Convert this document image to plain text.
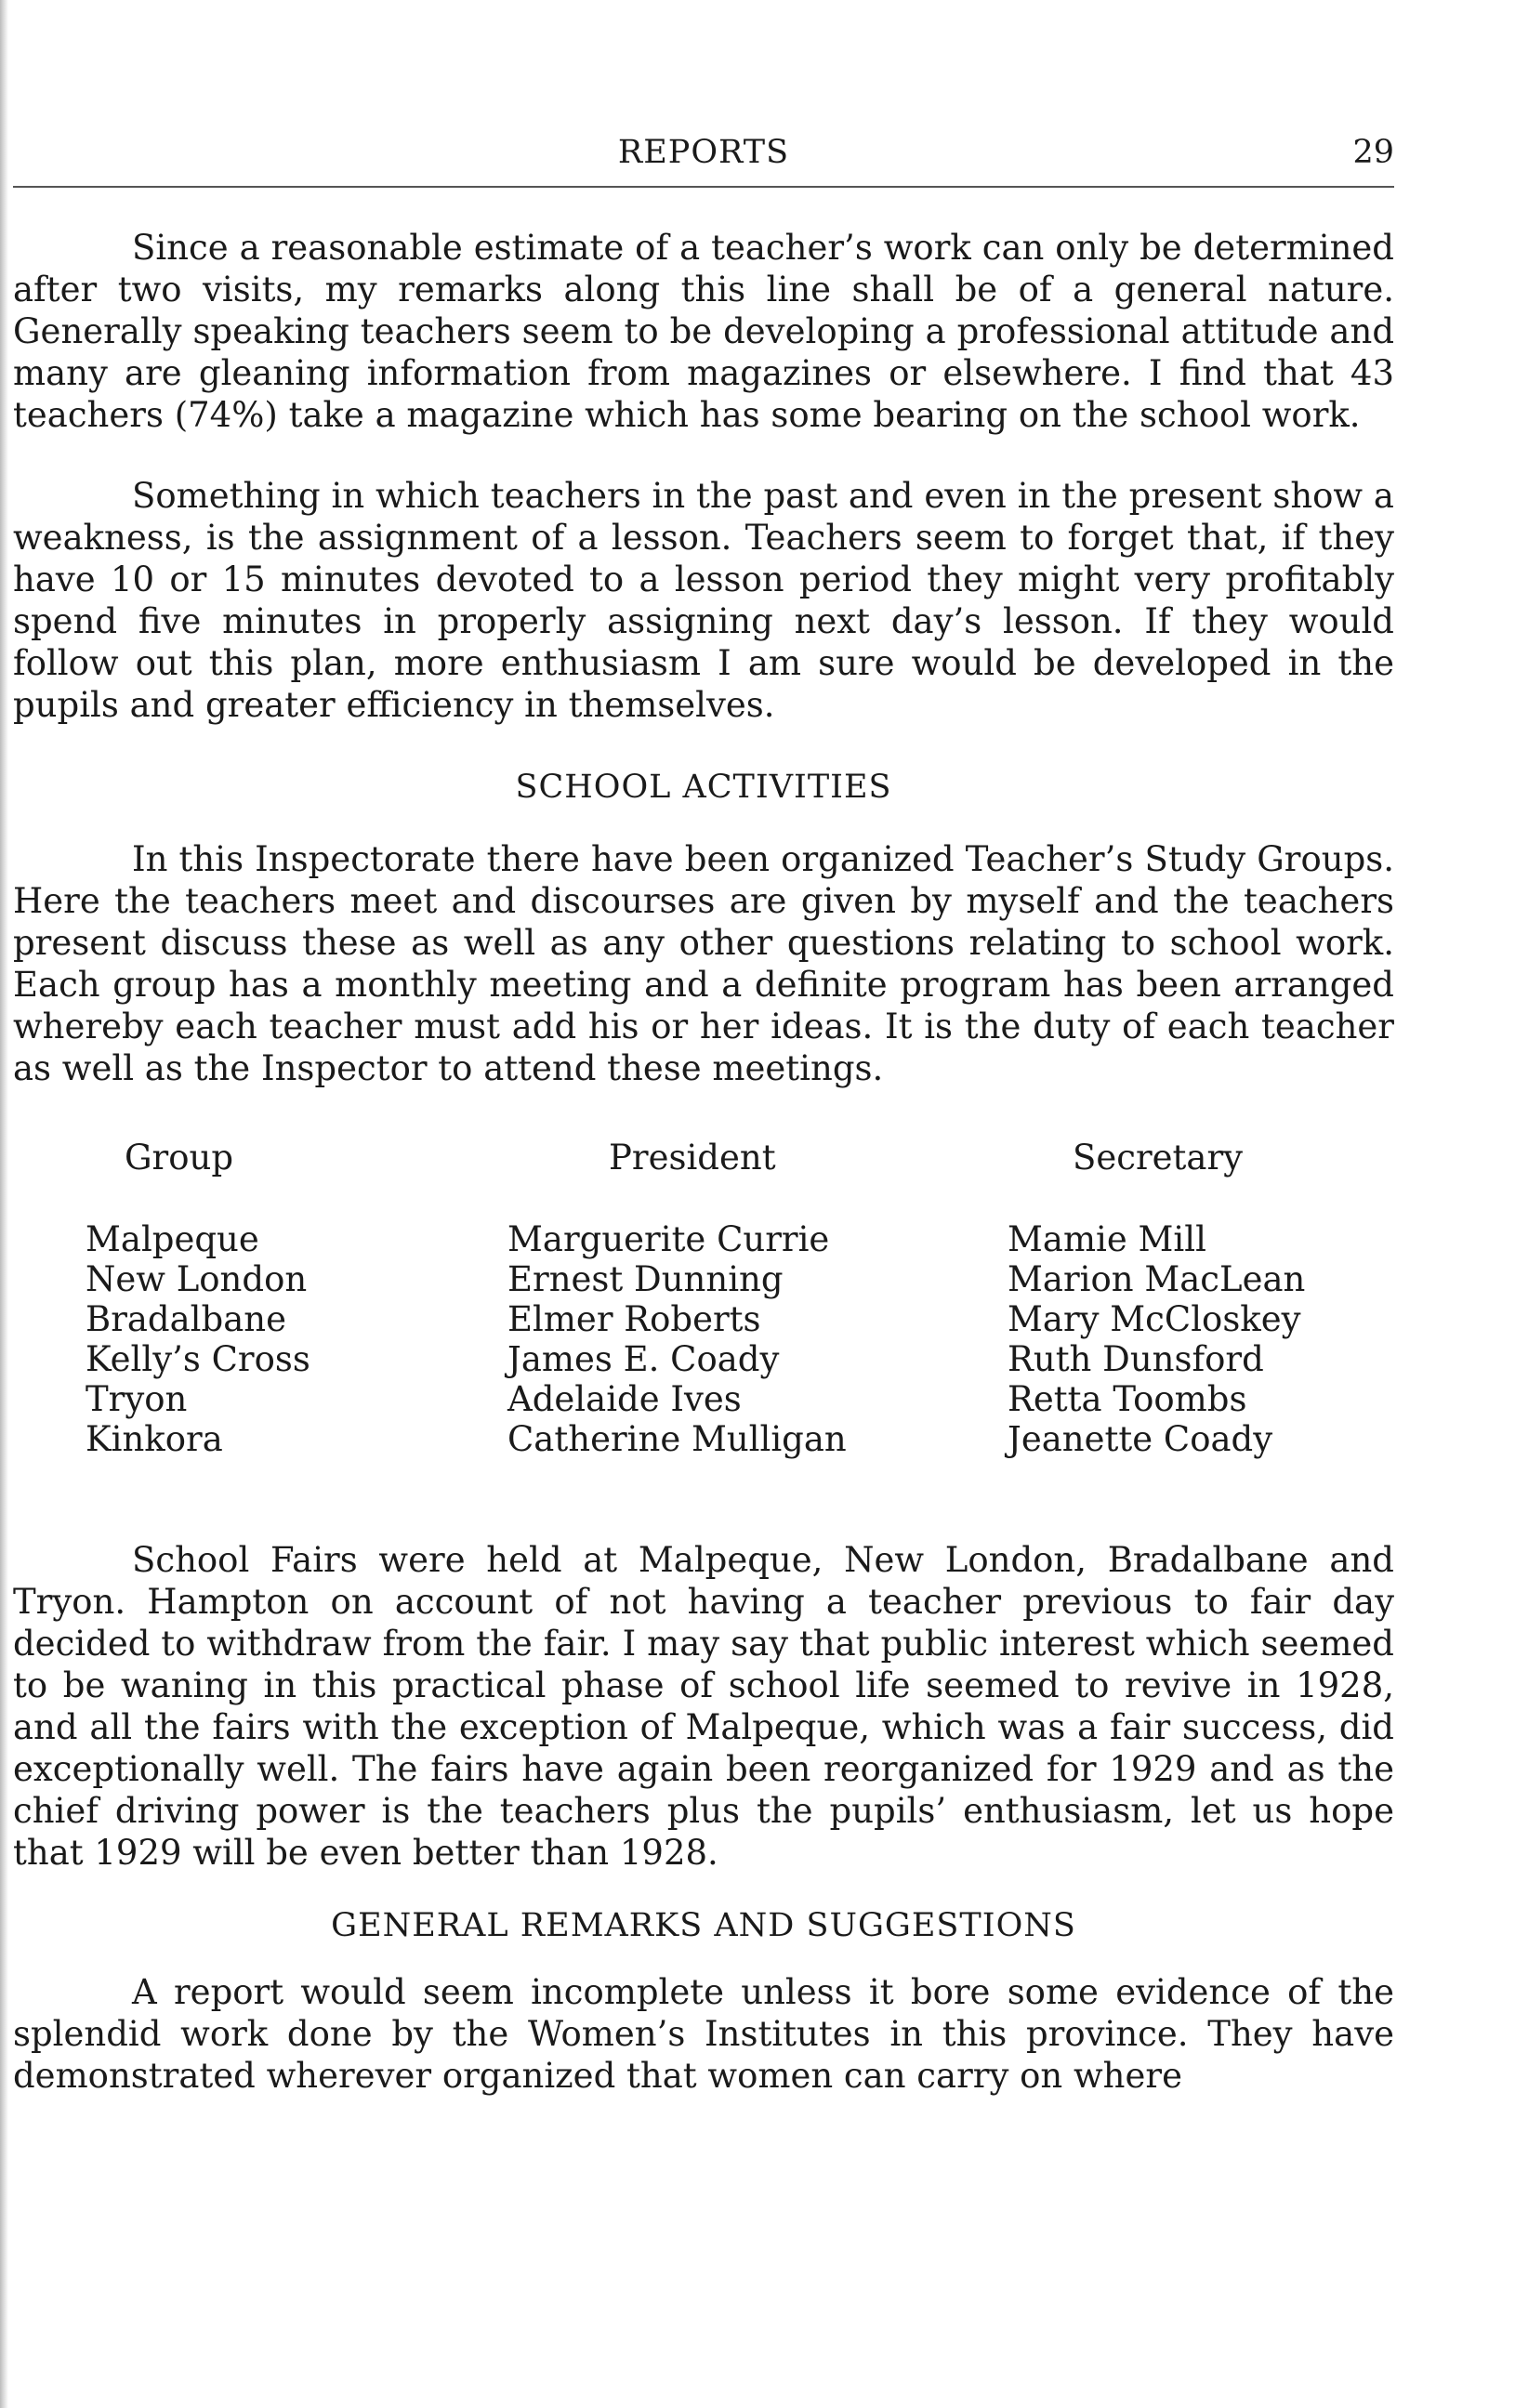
REPORTS	29

Since a reasonable estimate of a teacher’s work can only be determined after two visits, my remarks along this line shall be of a general nature. Generally speaking teachers seem to be developing a professional attitude and many are gleaning information from magazines or elsewhere. I find that 43 teachers (74%) take a magazine which has some bearing on the school work.

Something in which teachers in the past and even in the present show a weakness, is the assignment of a lesson. Teachers seem to forget that, if they have 10 or 15 minutes devoted to a lesson period they might very profitably spend five minutes in properly assigning next day’s lesson. If they would follow out this plan, more enthusiasm I am sure would be developed in the pupils and greater efficiency in themselves.

SCHOOL ACTIVITIES

In this Inspectorate there have been organized Teacher’s Study Groups. Here the teachers meet and discourses are given by myself and the teachers present discuss these as well as any other questions relating to school work. Each group has a monthly meeting and a definite program has been arranged whereby each teacher must add his or her ideas. It is the duty of each teacher as well as the Inspector to attend these meetings.

Group	President	Secretary
Malpeque	Marguerite Currie	Mamie Mill
New London	Ernest Dunning	Marion MacLean
Bradalbane	Elmer Roberts	Mary McCloskey
Kelly’s Cross	James E. Coady	Ruth Dunsford
Tryon	Adelaide Ives	Retta Toombs
Kinkora	Catherine Mulligan	Jeanette Coady

School Fairs were held at Malpeque, New London, Bradalbane and Tryon. Hampton on account of not having a teacher previous to fair day decided to withdraw from the fair. I may say that public interest which seemed to be waning in this practical phase of school life seemed to revive in 1928, and all the fairs with the exception of Malpeque, which was a fair success, did exceptionally well. The fairs have again been reorganized for 1929 and as the chief driving power is the teachers plus the pupils’ enthusiasm, let us hope that 1929 will be even better than 1928.

GENERAL REMARKS AND SUGGESTIONS

A report would seem incomplete unless it bore some evidence of the splendid work done by the Women’s Institutes in this province. They have demonstrated wherever organized that women can carry on where
